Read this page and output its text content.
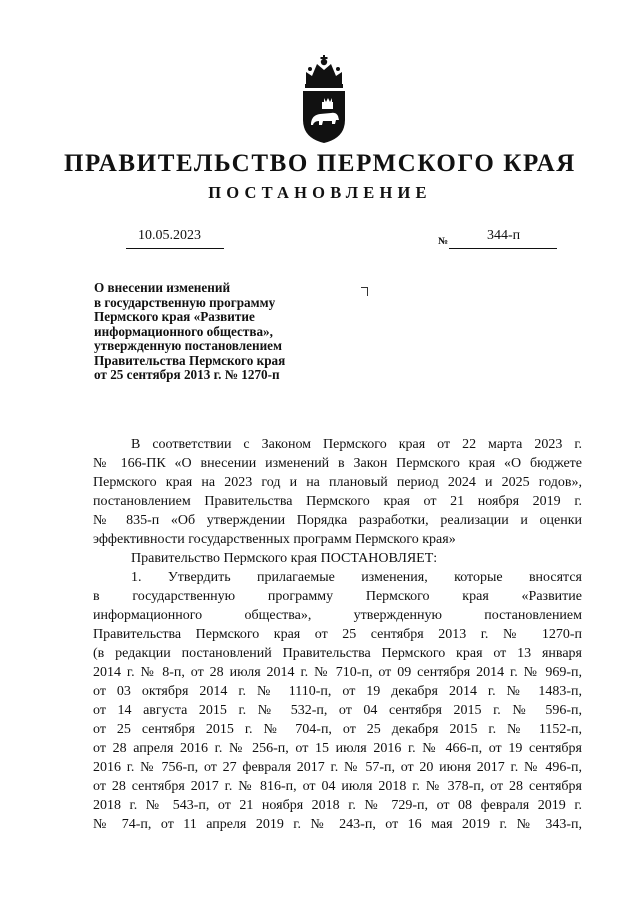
ПРАВИТЕЛЬСТВО ПЕРМСКОГО КРАЯ
ПОСТАНОВЛЕНИЕ
10.05.2023	№	344-п
О внесении изменений
в государственную программу
Пермского края «Развитие
информационного общества»,
утвержденную постановлением
Правительства Пермского края
от 25 сентября 2013 г. № 1270-п
В соответствии с Законом Пермского края от 22 марта 2023 г.
№ 166-ПК «О внесении изменений в Закон Пермского края «О бюджете
Пермского края на 2023 год и на плановый период 2024 и 2025 годов»,
постановлением Правительства Пермского края от 21 ноября 2019 г.
№ 835-п «Об утверждении Порядка разработки, реализации и оценки
эффективности государственных программ Пермского края»
Правительство Пермского края ПОСТАНОВЛЯЕТ:
1. Утвердить прилагаемые изменения, которые вносятся
в государственную программу Пермского края «Развитие
информационного общества», утвержденную постановлением
Правительства Пермского края от 25 сентября 2013 г. № 1270-п
(в редакции постановлений Правительства Пермского края от 13 января
2014 г. № 8-п, от 28 июля 2014 г. № 710-п, от 09 сентября 2014 г. № 969-п,
от 03 октября 2014 г. № 1110-п, от 19 декабря 2014 г. № 1483-п,
от 14 августа 2015 г. № 532-п, от 04 сентября 2015 г. № 596-п,
от 25 сентября 2015 г. № 704-п, от 25 декабря 2015 г. № 1152-п,
от 28 апреля 2016 г. № 256-п, от 15 июля 2016 г. № 466-п, от 19 сентября
2016 г. № 756-п, от 27 февраля 2017 г. № 57-п, от 20 июня 2017 г. № 496-п,
от 28 сентября 2017 г. № 816-п, от 04 июля 2018 г. № 378-п, от 28 сентября
2018 г. № 543-п, от 21 ноября 2018 г. № 729-п, от 08 февраля 2019 г.
№ 74-п, от 11 апреля 2019 г. № 243-п, от 16 мая 2019 г. № 343-п,
